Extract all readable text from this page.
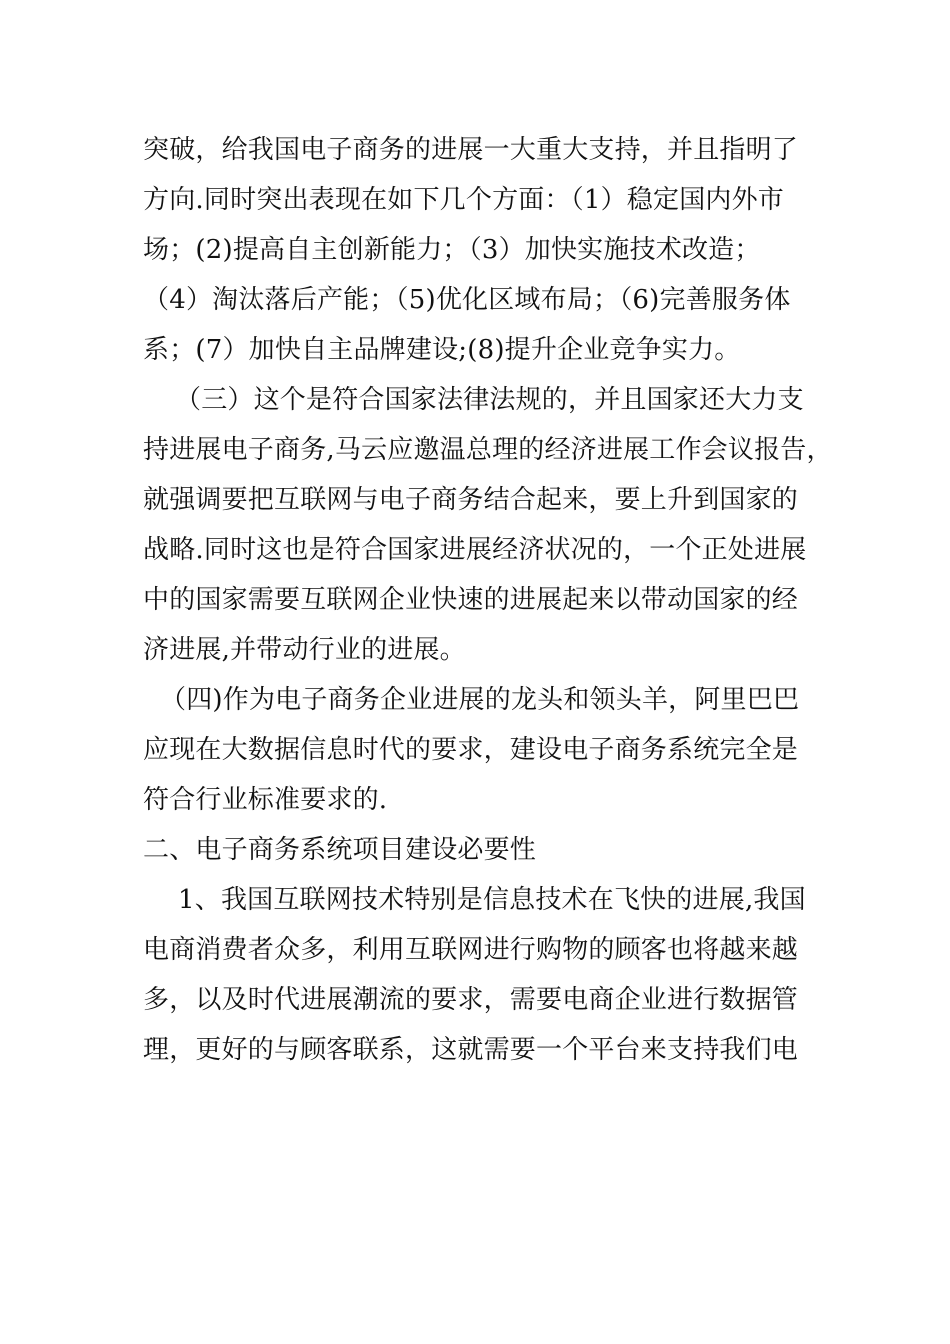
突破，给我国电子商务的进展一大重大支持，并且指明了
方向.同时突出表现在如下几个方面：（1）稳定国内外市
场；(2)提高自主创新能力；（3）加快实施技术改造；
（4）淘汰落后产能；（5)优化区域布局；（6)完善服务体
系；(7）加快自主品牌建设;(8)提升企业竞争实力。
（三）这个是符合国家法律法规的，并且国家还大力支
持进展电子商务,马云应邀温总理的经济进展工作会议报告，
就强调要把互联网与电子商务结合起来，要上升到国家的
战略.同时这也是符合国家进展经济状况的，一个正处进展
中的国家需要互联网企业快速的进展起来以带动国家的经
济进展,并带动行业的进展。
（四)作为电子商务企业进展的龙头和领头羊，阿里巴巴
应现在大数据信息时代的要求，建设电子商务系统完全是
符合行业标准要求的.
二、电子商务系统项目建设必要性
1、我国互联网技术特别是信息技术在飞快的进展,我国
电商消费者众多，利用互联网进行购物的顾客也将越来越
多，以及时代进展潮流的要求，需要电商企业进行数据管
理，更好的与顾客联系，这就需要一个平台来支持我们电
